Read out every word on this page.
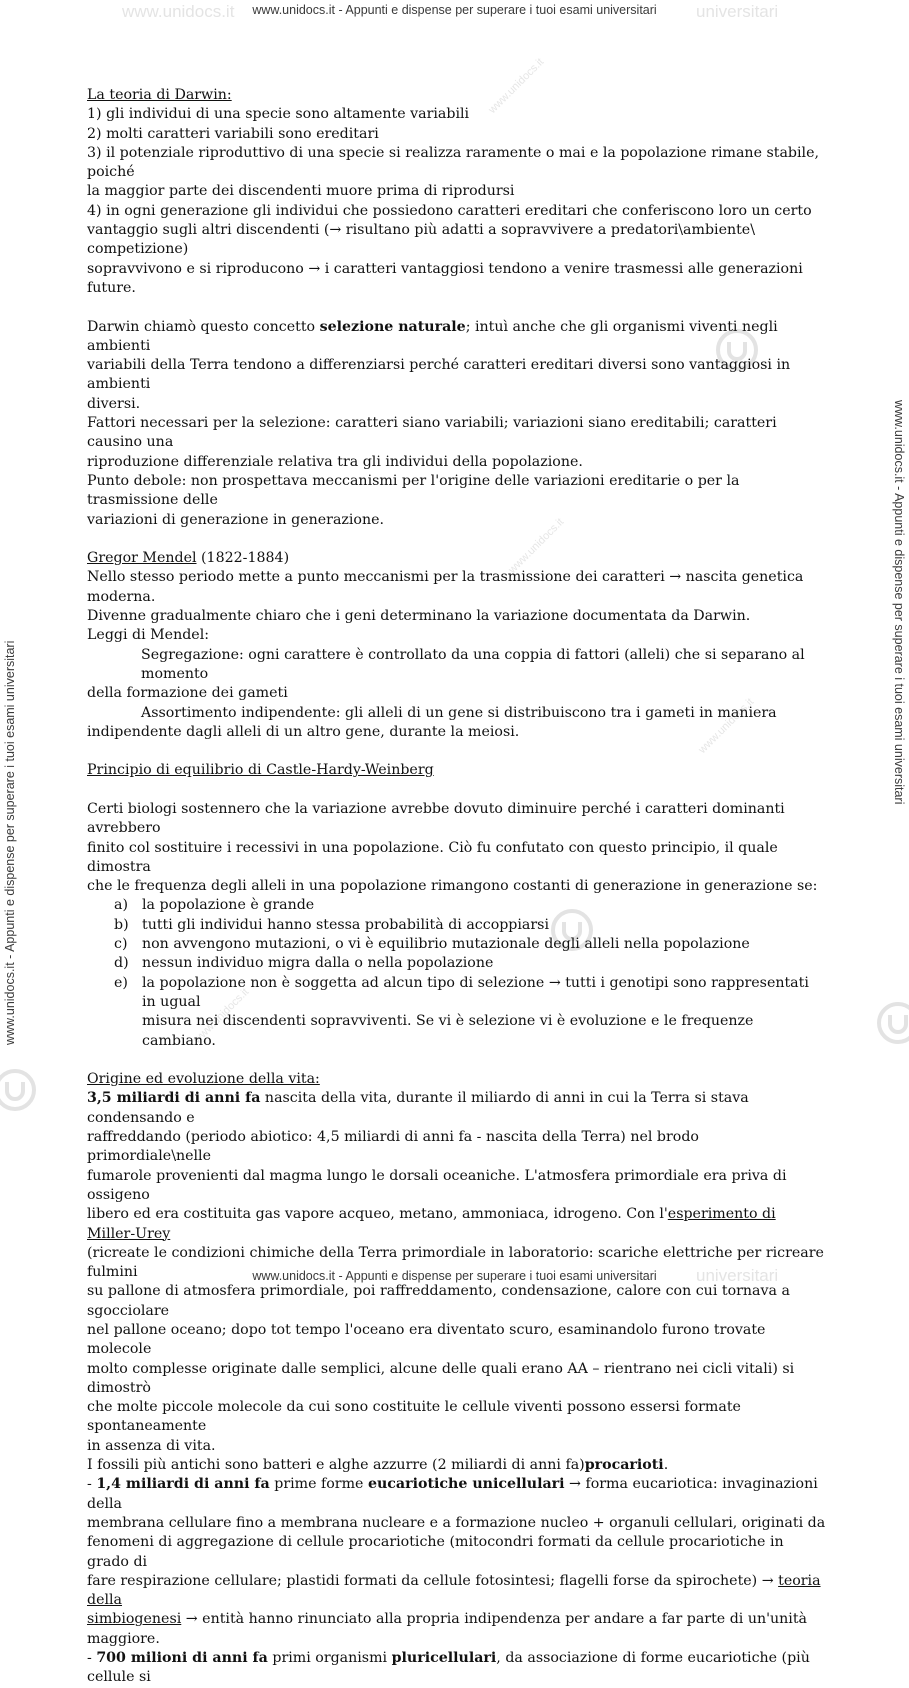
www.unidocs.it	universitari
universitari
www.unidocs.it
www.unidocs.it
www.unidocs.it
www.unidocs.it
www.unidocs.it - Appunti e dispense per superare i tuoi esami universitari
www.unidocs.it - Appunti e dispense per superare i tuoi esami universitari
www.unidocs.it - Appunti e dispense per superare i tuoi esami universitari
www.unidocs.it - Appunti e dispense per superare i tuoi esami universitari

La teoria di Darwin:

1) gli individui di una specie sono altamente variabili

2) molti caratteri variabili sono ereditari

3) il potenziale riproduttivo di una specie si realizza raramente o mai e la popolazione rimane stabile, poiché

la maggior parte dei discendenti muore prima di riprodursi

4) in ogni generazione gli individui che possiedono caratteri ereditari che conferiscono loro un certo

vantaggio sugli altri discendenti (→ risultano più adatti a sopravvivere a predatori\ambiente\ competizione)

sopravvivono e si riproducono → i caratteri vantaggiosi tendono a venire trasmessi alle generazioni future.

Darwin chiamò questo concetto selezione naturale; intuì anche che gli organismi viventi negli ambienti

variabili della Terra tendono a differenziarsi perché caratteri ereditari diversi sono vantaggiosi in ambienti

diversi.

Fattori necessari per la selezione: caratteri siano variabili; variazioni siano ereditabili; caratteri causino una

riproduzione differenziale relativa tra gli individui della popolazione.

Punto debole: non prospettava meccanismi per l'origine delle variazioni ereditarie o per la trasmissione delle

variazioni di generazione in generazione.

Gregor Mendel (1822-1884)

Nello stesso periodo mette a punto meccanismi per la trasmissione dei caratteri → nascita genetica moderna.

Divenne gradualmente chiaro che i geni determinano la variazione documentata da Darwin.

Leggi di Mendel:

Segregazione: ogni carattere è controllato da una coppia di fattori (alleli) che si separano al momento

della formazione dei gameti

Assortimento indipendente: gli alleli di un gene si distribuiscono tra i gameti in maniera

indipendente dagli alleli di un altro gene, durante la meiosi.

Principio di equilibrio di Castle-Hardy-Weinberg

Certi biologi sostennero che la variazione avrebbe dovuto diminuire perché i caratteri dominanti avrebbero

finito col sostituire i recessivi in una popolazione. Ciò fu confutato con questo principio, il quale dimostra

che le frequenza degli alleli in una popolazione rimangono costanti di generazione in generazione se:

a) la popolazione è grande
b) tutti gli individui hanno stessa probabilità di accoppiarsi
c) non avvengono mutazioni, o vi è equilibrio mutazionale degli alleli nella popolazione
d) nessun individuo migra dalla o nella popolazione
e) la popolazione non è soggetta ad alcun tipo di selezione → tutti i genotipi sono rappresentati in ugual
misura nei discendenti sopravviventi. Se vi è selezione vi è evoluzione e le frequenze cambiano.

Origine ed evoluzione della vita:

3,5 miliardi di anni fa nascita della vita, durante il miliardo di anni in cui la Terra si stava condensando e

raffreddando (periodo abiotico: 4,5 miliardi di anni fa - nascita della Terra) nel brodo primordiale\nelle

fumarole provenienti dal magma lungo le dorsali oceaniche. L'atmosfera primordiale era priva di ossigeno

libero ed era costituita gas vapore acqueo, metano, ammoniaca, idrogeno. Con l'esperimento di Miller-Urey

(ricreate le condizioni chimiche della Terra primordiale in laboratorio: scariche elettriche per ricreare fulmini

su pallone di atmosfera primordiale, poi raffreddamento, condensazione, calore con cui tornava a sgocciolare

nel pallone oceano; dopo tot tempo l'oceano era diventato scuro, esaminandolo furono trovate molecole

molto complesse originate dalle semplici, alcune delle quali erano AA – rientrano nei cicli vitali) si dimostrò

che molte piccole molecole da cui sono costituite le cellule viventi possono essersi formate spontaneamente

in assenza di vita.

I fossili più antichi sono batteri e alghe azzurre (2 miliardi di anni fa)procarioti.

- 1,4 miliardi di anni fa prime forme eucariotiche unicellulari → forma eucariotica: invaginazioni della

membrana cellulare fino a membrana nucleare e a formazione nucleo + organuli cellulari, originati da

fenomeni di aggregazione di cellule procariotiche (mitocondri formati da cellule procariotiche in grado di

fare respirazione cellulare; plastidi formati da cellule fotosintesi; flagelli forse da spirochete) → teoria della

simbiogenesi → entità hanno rinunciato alla propria indipendenza per andare a far parte di un'unità

maggiore.

- 700 milioni di anni fa primi organismi pluricellulari, da associazione di forme eucariotiche (più cellule si
